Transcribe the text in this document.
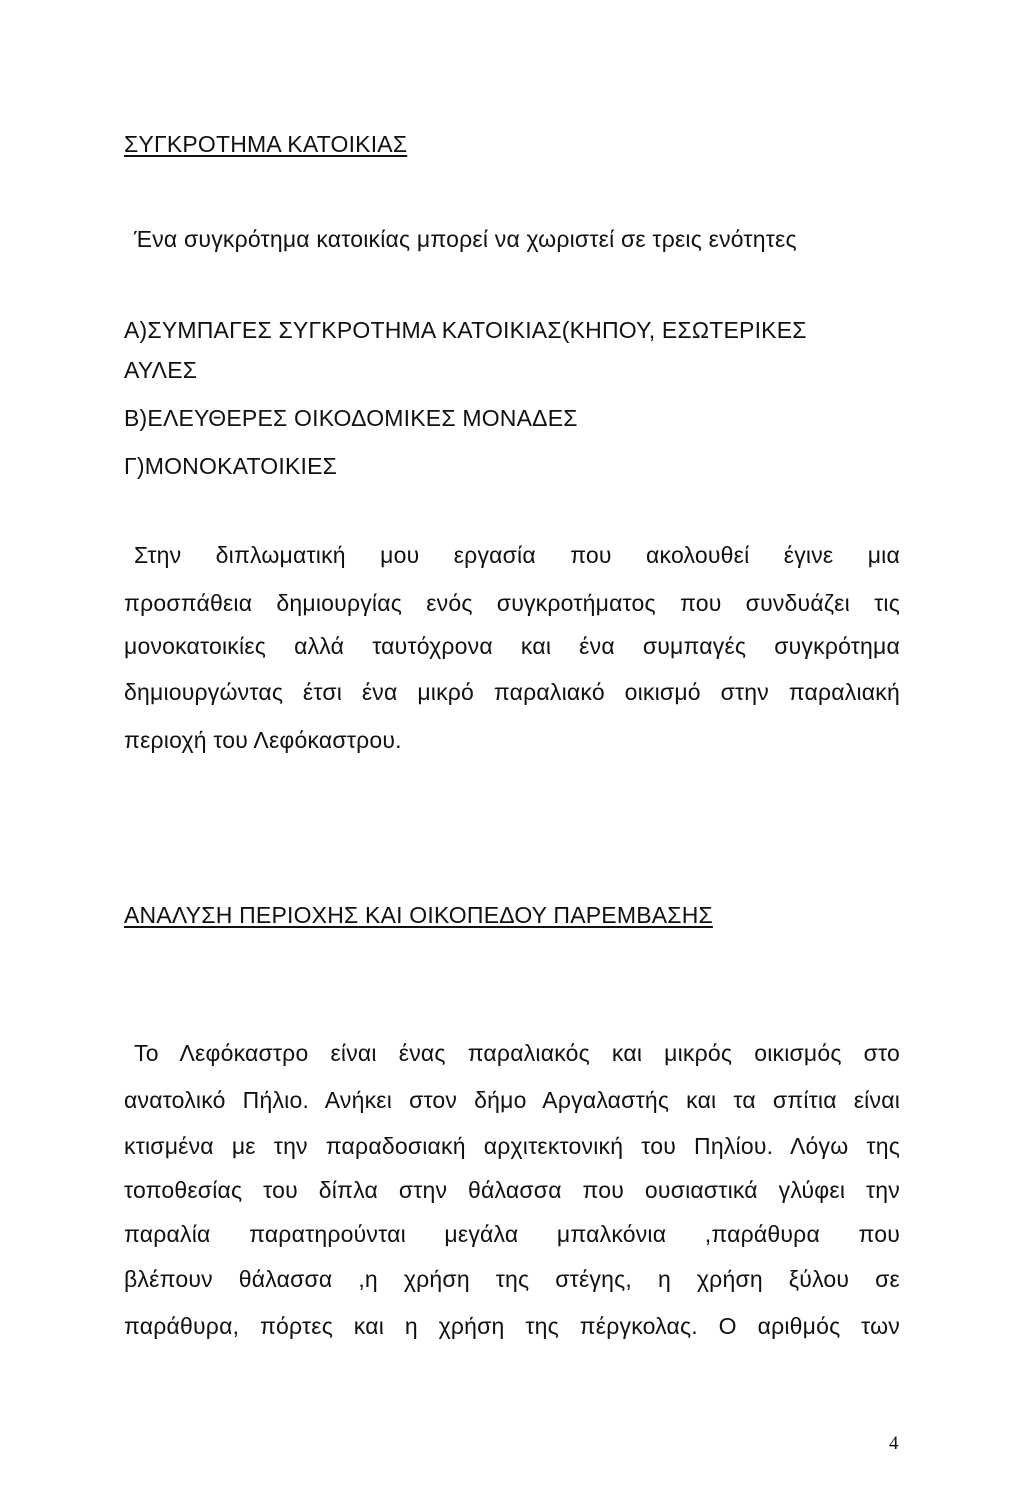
ΣΥΓΚΡΟΤΗΜΑ ΚΑΤΟΙΚΙΑΣ
Ένα συγκρότημα κατοικίας μπορεί να χωριστεί σε τρεις ενότητες
Α)ΣΥΜΠΑΓΕΣ ΣΥΓΚΡΟΤΗΜΑ ΚΑΤΟΙΚΙΑΣ(ΚΗΠΟΥ, ΕΣΩΤΕΡΙΚΕΣ
ΑΥΛΕΣ
Β)ΕΛΕΥΘΕΡΕΣ ΟΙΚΟΔΟΜΙΚΕΣ ΜΟΝΑΔΕΣ
Γ)ΜΟΝΟΚΑΤΟΙΚΙΕΣ
Στην διπλωματική μου εργασία που ακολουθεί έγινε μια
προσπάθεια δημιουργίας ενός συγκροτήματος που συνδυάζει τις
μονοκατοικίες αλλά ταυτόχρονα και ένα συμπαγές συγκρότημα
δημιουργώντας έτσι ένα μικρό παραλιακό οικισμό στην παραλιακή
περιοχή του Λεφόκαστρου.
ΑΝΑΛΥΣΗ ΠΕΡΙΟΧΗΣ ΚΑΙ ΟΙΚΟΠΕΔΟΥ ΠΑΡΕΜΒΑΣΗΣ
Το Λεφόκαστρο είναι ένας παραλιακός και μικρός οικισμός στο
ανατολικό Πήλιο. Ανήκει στον δήμο Αργαλαστής και τα σπίτια είναι
κτισμένα με την παραδοσιακή αρχιτεκτονική του Πηλίου. Λόγω της
τοποθεσίας του δίπλα στην θάλασσα που ουσιαστικά γλύφει την
παραλία παρατηρούνται μεγάλα μπαλκόνια ,παράθυρα που
βλέπουν θάλασσα ,η χρήση της στέγης, η χρήση ξύλου σε
παράθυρα, πόρτες και η χρήση της πέργκολας. Ο αριθμός των
4
